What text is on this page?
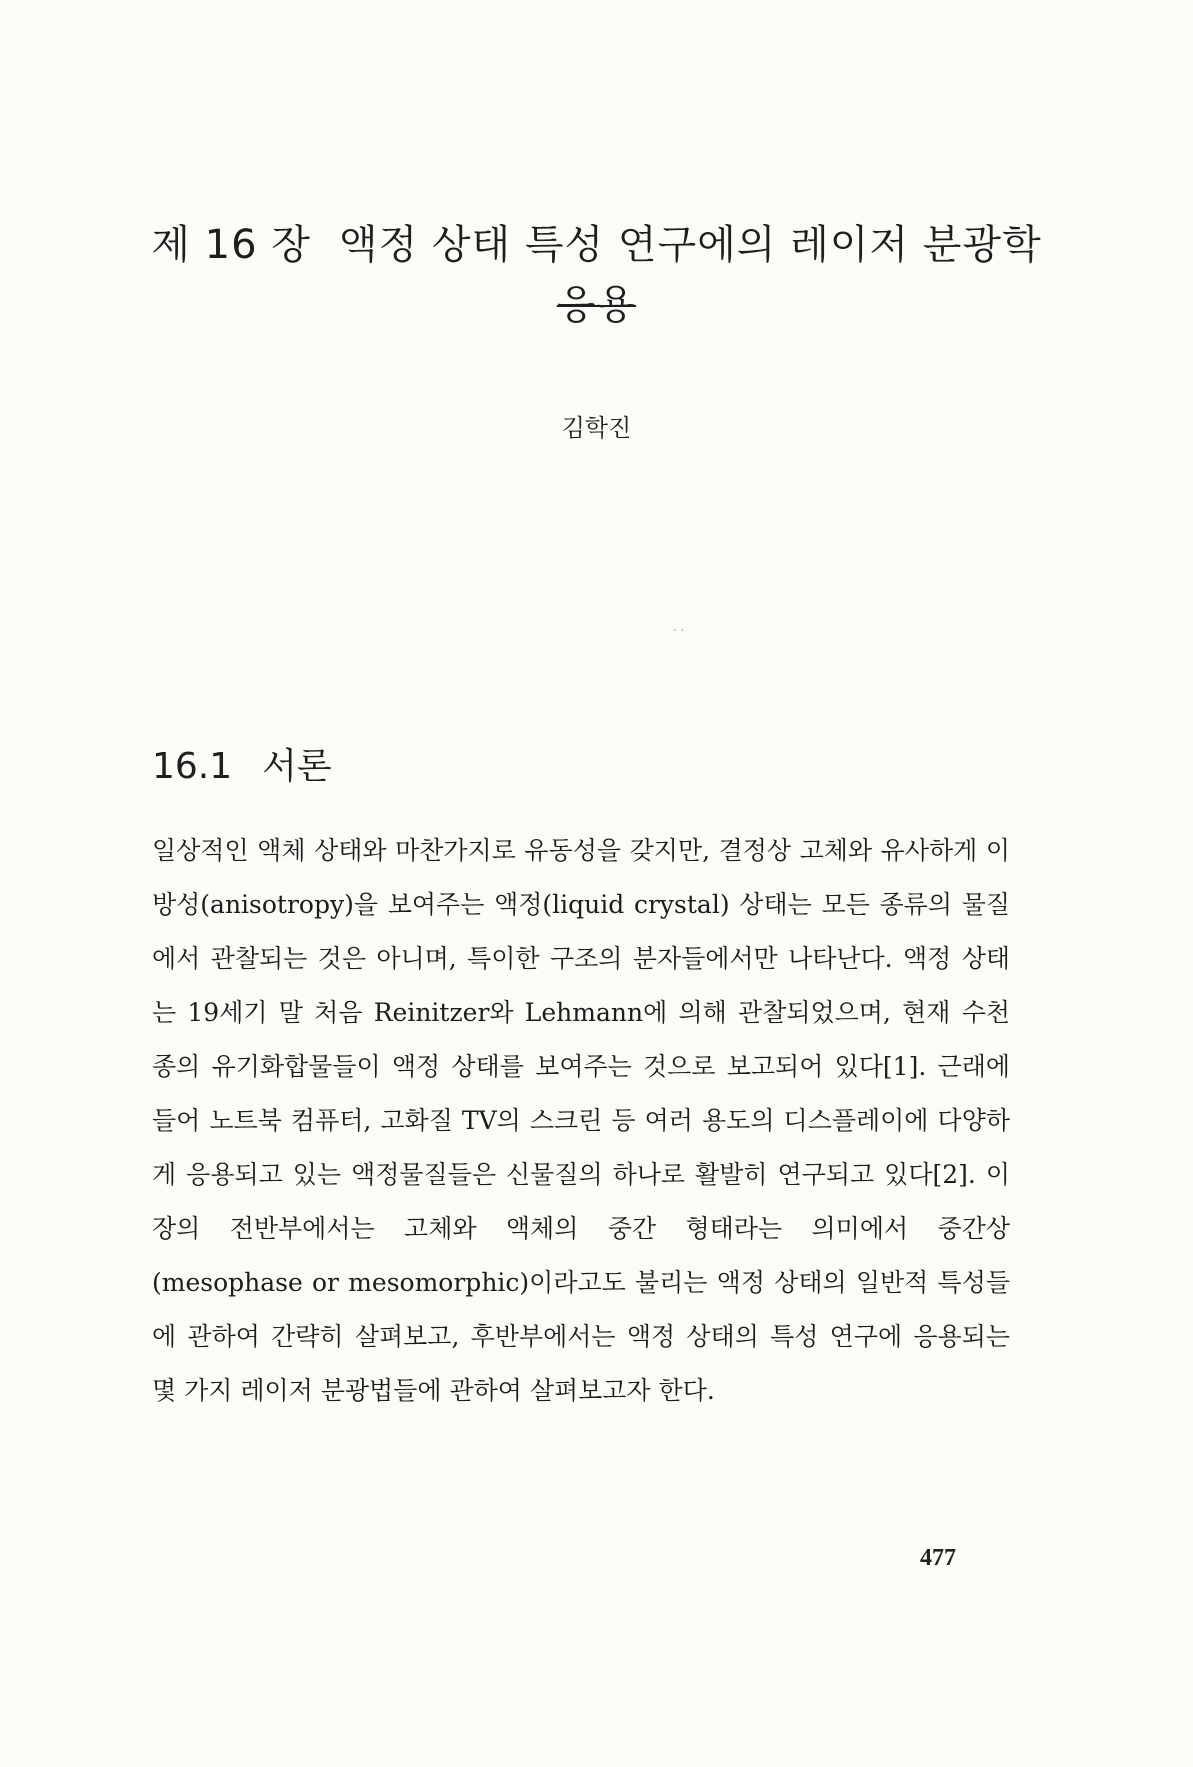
제 16 장 액정 상태 특성 연구에의 레이저 분광학
응용
김학진
. .
16.1 서론

일상적인 액체 상태와 마찬가지로 유동성을 갖지만, 결정상 고체와 유사하게 이방성(anisotropy)을 보여주는 액정(liquid crystal) 상태는 모든 종류의 물질에서 관찰되는 것은 아니며, 특이한 구조의 분자들에서만 나타난다. 액정 상태는 19세기 말 처음 Reinitzer와 Lehmann에 의해 관찰되었으며, 현재 수천 종의 유기화합물들이 액정 상태를 보여주는 것으로 보고되어 있다[1]. 근래에 들어 노트북 컴퓨터, 고화질 TV의 스크린 등 여러 용도의 디스플레이에 다양하게 응용되고 있는 액정물질들은 신물질의 하나로 활발히 연구되고 있다[2]. 이 장의 전반부에서는 고체와 액체의 중간 형태라는 의미에서 중간상(mesophase or mesomorphic)이라고도 불리는 액정 상태의 일반적 특성들에 관하여 간략히 살펴보고, 후반부에서는 액정 상태의 특성 연구에 응용되는 몇 가지 레이저 분광법들에 관하여 살펴보고자 한다.

477
